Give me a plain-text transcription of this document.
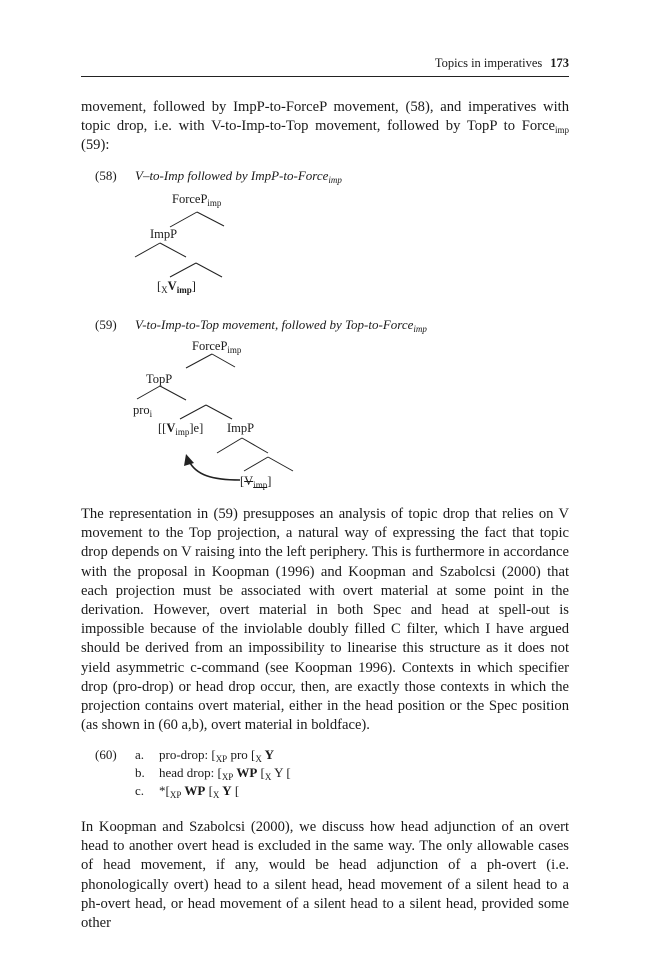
Topics in imperatives 173

movement, followed by ImpP-to-ForceP movement, (58), and imperatives with topic drop, i.e. with V-to-Imp-to-Top movement, followed by TopP to Force$_{imp}$ (59):

(58) V–to-Imp followed by ImpP-to-Force$_{imp}$
ForceP$_{imp}$
ImpP
$[_XV_{imp}]$
(59) V-to-Imp-to-Top movement, followed by Top-to-Force$_{imp}$
ForceP$_{imp}$
TopP
pro$_i$
$[[V_{imp}]e]$ ImpP
$[V_{imp}]$

The representation in (59) presupposes an analysis of topic drop that relies on V movement to the Top projection, a natural way of expressing the fact that topic drop depends on V raising into the left periphery. This is furthermore in accordance with the proposal in Koopman (1996) and Koopman and Szabolcsi (2000) that each projection must be associated with overt material at some point in the derivation. However, overt material in both Spec and head at spell-out is impossible because of the inviolable doubly filled C filter, which I have argued should be derived from an impossibility to linearise this structure as it does not yield asymmetric c-command (see Koopman 1996). Contexts in which specifier drop (pro-drop) or head drop occur, then, are exactly those contexts in which the projection contains overt material, either in the head position or the Spec position (as shown in (60 a,b), overt material in boldface).

(60) a. pro-drop: [$_{XP}$ pro [$_X$ Y
b. head drop: [$_{XP}$ WP [$_X$ Y [
c. $*[_{XP}$ WP [$_X$ Y [

In Koopman and Szabolcsi (2000), we discuss how head adjunction of an overt head to another overt head is excluded in the same way. The only allowable cases of head movement, if any, would be head adjunction of a ph-overt (i.e. phonologically overt) head to a silent head, head movement of a silent head to a ph-overt head, or head movement of a silent head to a silent head, provided some other
